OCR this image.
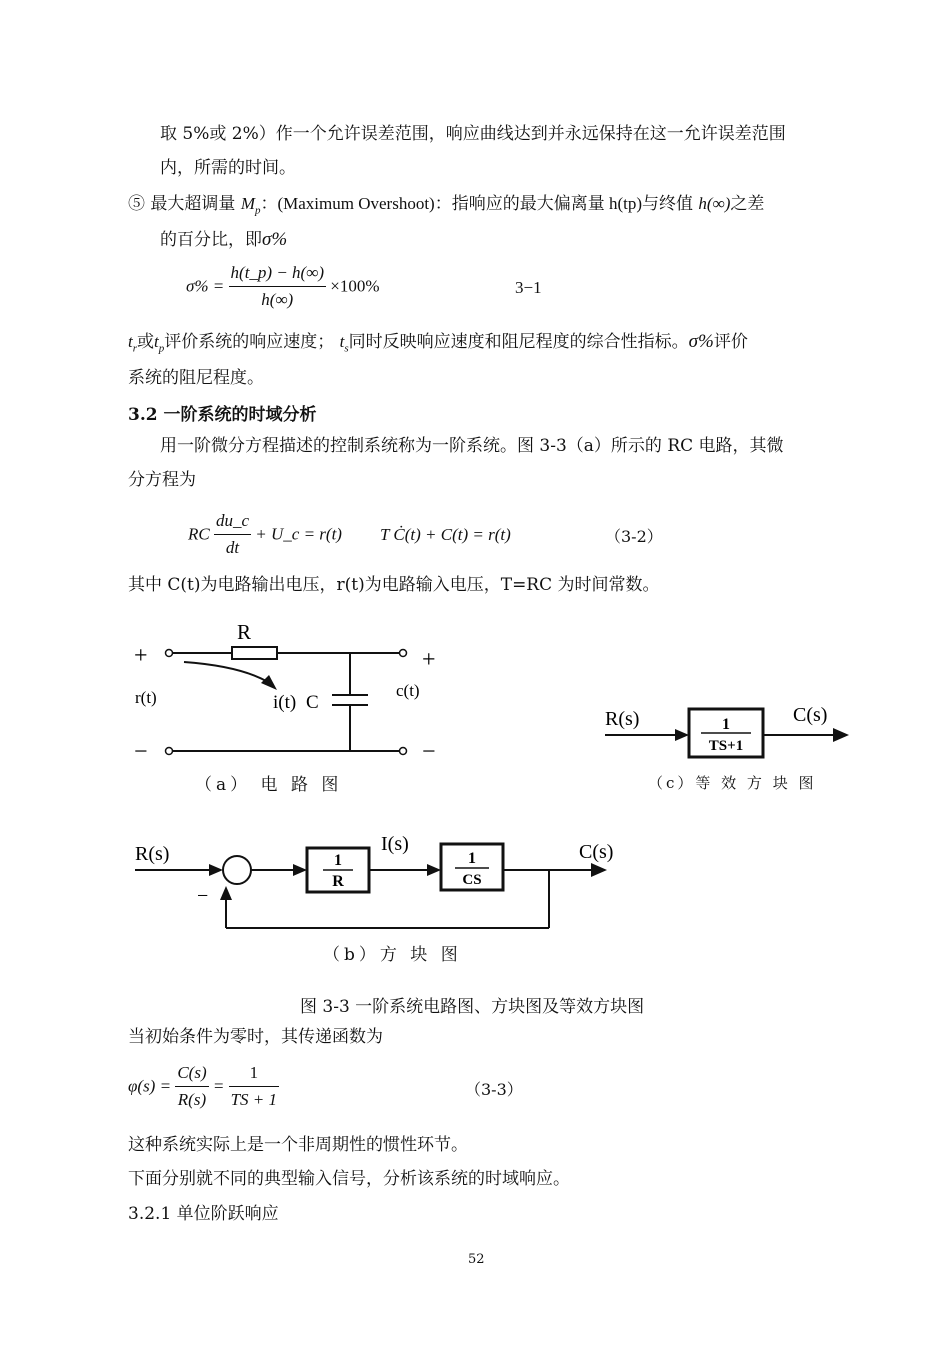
取 5%或 2%）作一个允许误差范围，响应曲线达到并永远保持在这一允许误差范围
内，所需的时间。
⑤ 最大超调量 $M_p$：(Maximum Overshoot)：指响应的最大偏离量 h(tp)与终值 h(∞)之差
的百分比，即σ%
$\sigma\% = \frac{h(t\_p) - h(\infty)}{h(\infty)} \times 100\%$	3−1
$t_r$或$t_p$评价系统的响应速度； $t_s$同时反映响应速度和阻尼程度的综合性指标。σ%评价
系统的阻尼程度。
3.2 一阶系统的时域分析
用一阶微分方程描述的控制系统称为一阶系统。图 3-3（a）所示的 RC 电路，其微
分方程为
RC $\frac{du\_c}{dt}$ + U_c = r(t) T Ċ(t) + C(t) = r(t)	（3-2）
其中 C(t)为电路输出电压，r(t)为电路输入电压，T=RC 为时间常数。
R
+	+
r(t)	i(t) C
c(t)
−	−
（a） 电 路 图
1
TS+1
R(s)	C(s)
（c）等 效 方 块 图
1
R
1
CS
R(s)
−
I(s)	C(s)
（b）方 块 图
图 3-3 一阶系统电路图、方块图及等效方块图
当初始条件为零时，其传递函数为
$\varphi(s) = \frac{C(s)}{R(s)} = \frac{1}{TS + 1}$	（3-3）
这种系统实际上是一个非周期性的惯性环节。
下面分别就不同的典型输入信号，分析该系统的时域响应。
3.2.1 单位阶跃响应
52
